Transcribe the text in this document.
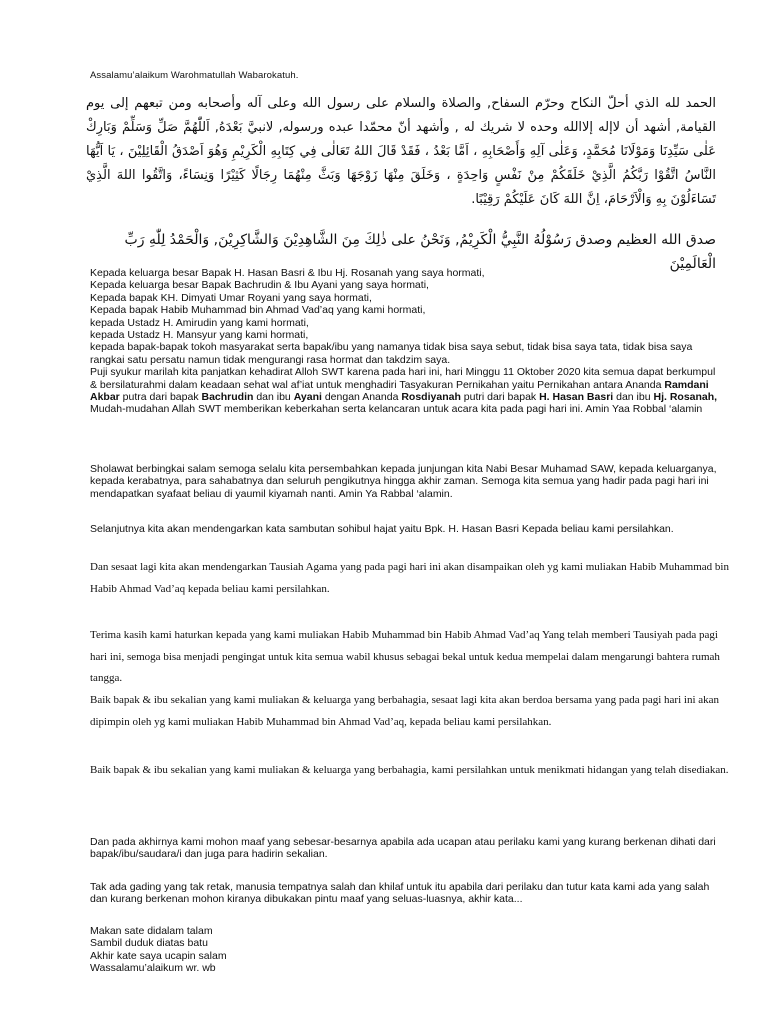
Assalamu’alaikum Warohmatullah Wabarokatuh.

الحمد لله الذي أحلّ النكاح وحرّم السفاح, والصلاة والسلام على رسول الله وعلى آله وأصحابه ومن تبعهم إلى يوم القيامة, أشهد أن لاإله إلاالله وحده لا شريك له , وأشهد أنّ محمّدا عبده ورسوله, لانبيَّ بَعْدَهُ, اَللّٰهُمَّ صَلِّ وَسَلِّمْ وَبَارِكْ عَلٰى سَيِّدِنَا وَمَوْلَانَا مُحَمَّدٍ، وَعَلٰى آلِهِ وَأَصْحَابِهِ ، اَمَّا بَعْدُ ، فَقَدْ قَالَ اللهُ تَعَالٰى فِي كِتَابِهِ الْكَرِيْمِ وَهُوَ اَصْدَقُ الْقَائِلِيْنَ ، يَا اَيُّهَا النَّاسُ اتَّقُوْا رَبَّكُمُ الَّذِيْ خَلَقَكُمْ مِنْ نَفْسٍ وَاحِدَةٍ ، وَخَلَقَ مِنْهَا زَوْجَهَا وَبَثَّ مِنْهُمَا رِجَالًا كَثِيْرًا وَنِسَاءً، وَاتَّقُوا اللهَ الَّذِيْ تَسَاءَلُوْنَ بِهِ وَالْاَرْحَامَ، اِنَّ اللهَ كَانَ عَلَيْكُمْ رَقِيْبًا.

صدق الله العظيم وصدق رَسُوْلُهُ النَّبِيُّ الْكَرِيْمُ, وَنَحْنُ على ذٰلِكَ مِنَ الشَّاهِدِيْنَ وَالشَّاكِرِيْنَ, وَالْحَمْدُ لِلّٰهِ رَبِّ الْعَالَمِيْنَ

Kepada keluarga besar Bapak H. Hasan Basri & Ibu Hj. Rosanah yang saya hormati,

Kepada keluarga besar Bapak Bachrudin & Ibu Ayani yang saya hormati,

Kepada bapak KH. Dimyati Umar Royani yang saya hormati,

Kepada bapak Habib Muhammad bin Ahmad Vad’aq yang kami hormati,

kepada Ustadz H. Amirudin yang kami hormati,

kepada Ustadz H. Mansyur yang kami hormati,

kepada bapak-bapak tokoh masyarakat serta bapak/ibu yang namanya tidak bisa saya sebut, tidak bisa saya tata, tidak bisa saya rangkai satu persatu namun tidak mengurangi rasa hormat dan takdzim saya.

Puji syukur marilah kita panjatkan kehadirat Alloh SWT karena pada hari ini, hari Minggu 11 Oktober 2020 kita semua dapat berkumpul & bersilaturahmi dalam keadaan sehat wal af’iat untuk menghadiri Tasyakuran Pernikahan yaitu Pernikahan antara Ananda Ramdani Akbar putra dari bapak Bachrudin dan ibu Ayani dengan Ananda Rosdiyanah putri dari bapak H. Hasan Basri dan ibu Hj. Rosanah, Mudah-mudahan Allah SWT memberikan keberkahan serta kelancaran untuk acara kita pada pagi hari ini. Amin Yaa Robbal ‘alamin

Sholawat berbingkai salam semoga selalu kita persembahkan kepada junjungan kita Nabi Besar Muhamad SAW, kepada keluarganya, kepada kerabatnya, para sahabatnya dan seluruh pengikutnya hingga akhir zaman. Semoga kita semua yang hadir pada pagi hari ini mendapatkan syafaat beliau di yaumil kiyamah nanti. Amin Ya Rabbal ‘alamin.

Selanjutnya kita akan mendengarkan kata sambutan sohibul hajat yaitu Bpk. H. Hasan Basri Kepada beliau kami persilahkan.

Dan sesaat lagi kita akan mendengarkan Tausiah Agama yang pada pagi hari ini akan disampaikan oleh yg kami muliakan Habib Muhammad bin Habib Ahmad Vad’aq kepada beliau kami persilahkan.

Terima kasih kami haturkan kepada yang kami muliakan Habib Muhammad bin Habib Ahmad Vad’aq Yang telah memberi Tausiyah pada pagi hari ini, semoga bisa menjadi pengingat untuk kita semua wabil khusus sebagai bekal untuk kedua mempelai dalam mengarungi bahtera rumah tangga.

Baik bapak & ibu sekalian yang kami muliakan & keluarga yang berbahagia, sesaat lagi kita akan berdoa bersama yang pada pagi hari ini akan dipimpin oleh yg kami muliakan Habib Muhammad bin Ahmad Vad’aq, kepada beliau kami persilahkan.

Baik bapak & ibu sekalian yang kami muliakan & keluarga yang berbahagia, kami persilahkan untuk menikmati hidangan yang telah disediakan.

Dan pada akhirnya kami mohon maaf yang sebesar-besarnya apabila ada ucapan atau perilaku kami yang kurang berkenan dihati dari bapak/ibu/saudara/i dan juga para hadirin sekalian.

Tak ada gading yang tak retak, manusia tempatnya salah dan khilaf untuk itu apabila dari perilaku dan tutur kata kami ada yang salah dan kurang berkenan mohon kiranya dibukakan pintu maaf yang seluas-luasnya, akhir kata...

Makan sate didalam talam

Sambil duduk diatas batu

Akhir kate saya ucapin salam

Wassalamu’alaikum wr. wb
